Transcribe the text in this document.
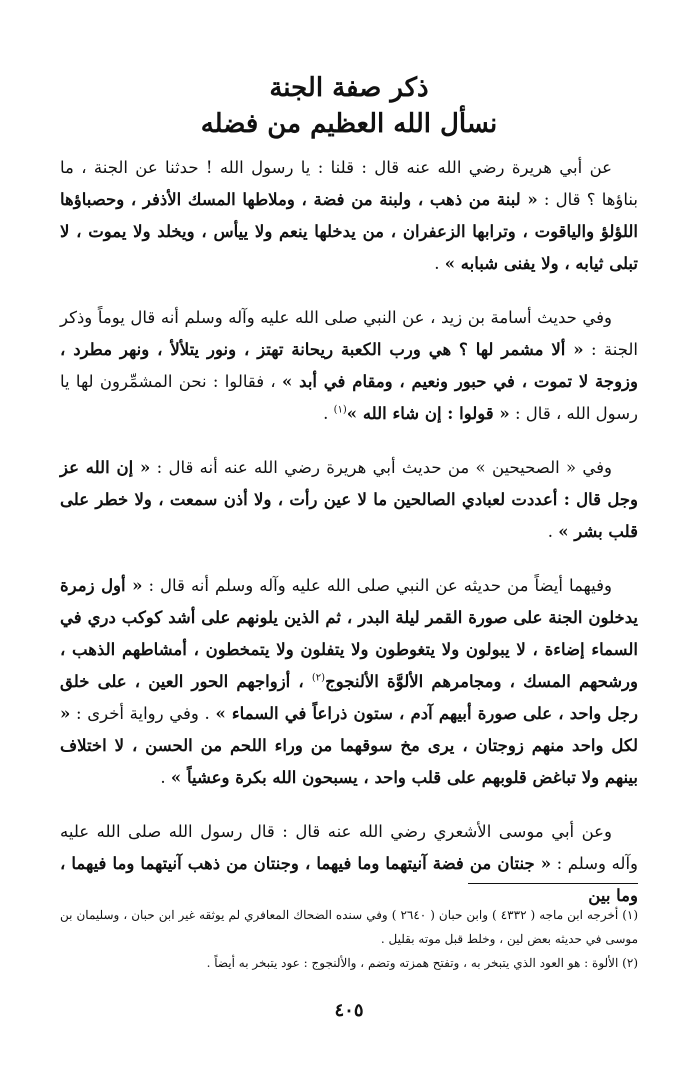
ذكر صفة الجنة
نسأل الله العظيم من فضله

عن أبي هريرة رضي الله عنه قال : قلنا : يا رسول الله ! حدثنا عن الجنة ، ما بناؤها ؟ قال : « لبنة من ذهب ، ولبنة من فضة ، وملاطها المسك الأذفر ، وحصباؤها اللؤلؤ والياقوت ، وترابها الزعفران ، من يدخلها ينعم ولا ييأس ، ويخلد ولا يموت ، لا تبلى ثيابه ، ولا يفنى شبابه » .

وفي حديث أسامة بن زيد ، عن النبي صلى الله عليه وآله وسلم أنه قال يوماً وذكر الجنة : « ألا مشمر لها ؟ هي ورب الكعبة ريحانة تهتز ، ونور يتلألأ ، ونهر مطرد ، وزوجة لا تموت ، في حبور ونعيم ، ومقام في أبد » ، فقالوا : نحن المشمِّرون لها يا رسول الله ، قال : « قولوا : إن شاء الله »$^{(١)}$ .

وفي « الصحيحين » من حديث أبي هريرة رضي الله عنه أنه قال : « إن الله عز وجل قال : أعددت لعبادي الصالحين ما لا عين رأت ، ولا أذن سمعت ، ولا خطر على قلب بشر » .

وفيهما أيضاً من حديثه عن النبي صلى الله عليه وآله وسلم أنه قال : « أول زمرة يدخلون الجنة على صورة القمر ليلة البدر ، ثم الذين يلونهم على أشد كوكب دري في السماء إضاءة ، لا يبولون ولا يتغوطون ولا يتفلون ولا يتمخطون ، أمشاطهم الذهب ، ورشحهم المسك ، ومجامرهم الألوَّة الألنجوج$^{(٢)}$ ، أزواجهم الحور العين ، على خلق رجل واحد ، على صورة أبيهم آدم ، ستون ذراعاً في السماء » . وفي رواية أخرى : « لكل واحد منهم زوجتان ، يرى مخ سوقهما من وراء اللحم من الحسن ، لا اختلاف بينهم ولا تباغض قلوبهم على قلب واحد ، يسبحون الله بكرة وعشياً » .

وعن أبي موسى الأشعري رضي الله عنه قال : قال رسول الله صلى الله عليه وآله وسلم : « جنتان من فضة آنيتهما وما فيهما ، وجنتان من ذهب آنيتهما وما فيهما ، وما بين

(١) أخرجه ابن ماجه ( ٤٣٣٢ ) وابن حبان ( ٢٦٤٠ ) وفي سنده الضحاك المعافري لم يوثقه غير ابن حبان ، وسليمان بن موسى في حديثه بعض لين ، وخلط قبل موته بقليل .

(٢) الألوة : هو العود الذي يتبخر به ، وتفتح همزته وتضم ، والألنجوج : عود يتبخر به أيضاً .

٤٠٥
